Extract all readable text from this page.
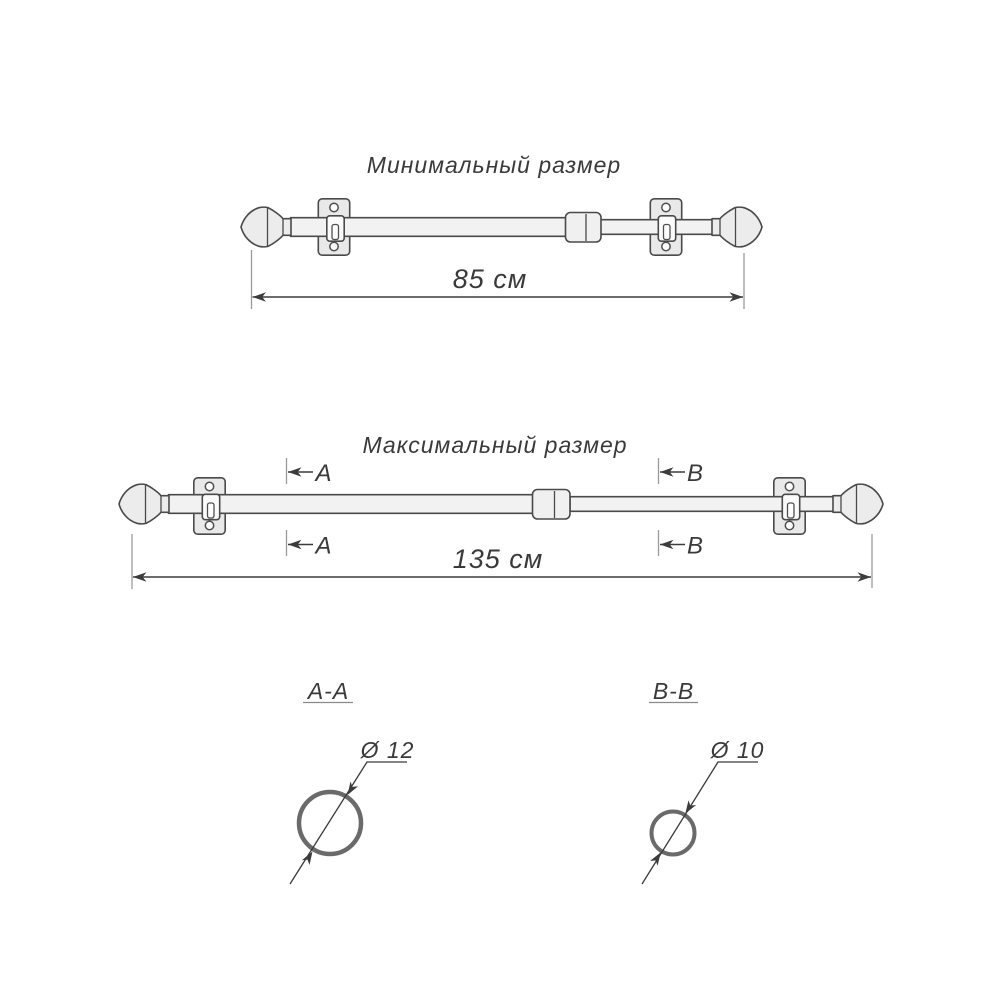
Минимальный размер
85 см
Максимальный размер
A
A
B
B
135 см
A-A
Ø 12
B-B
Ø 10
